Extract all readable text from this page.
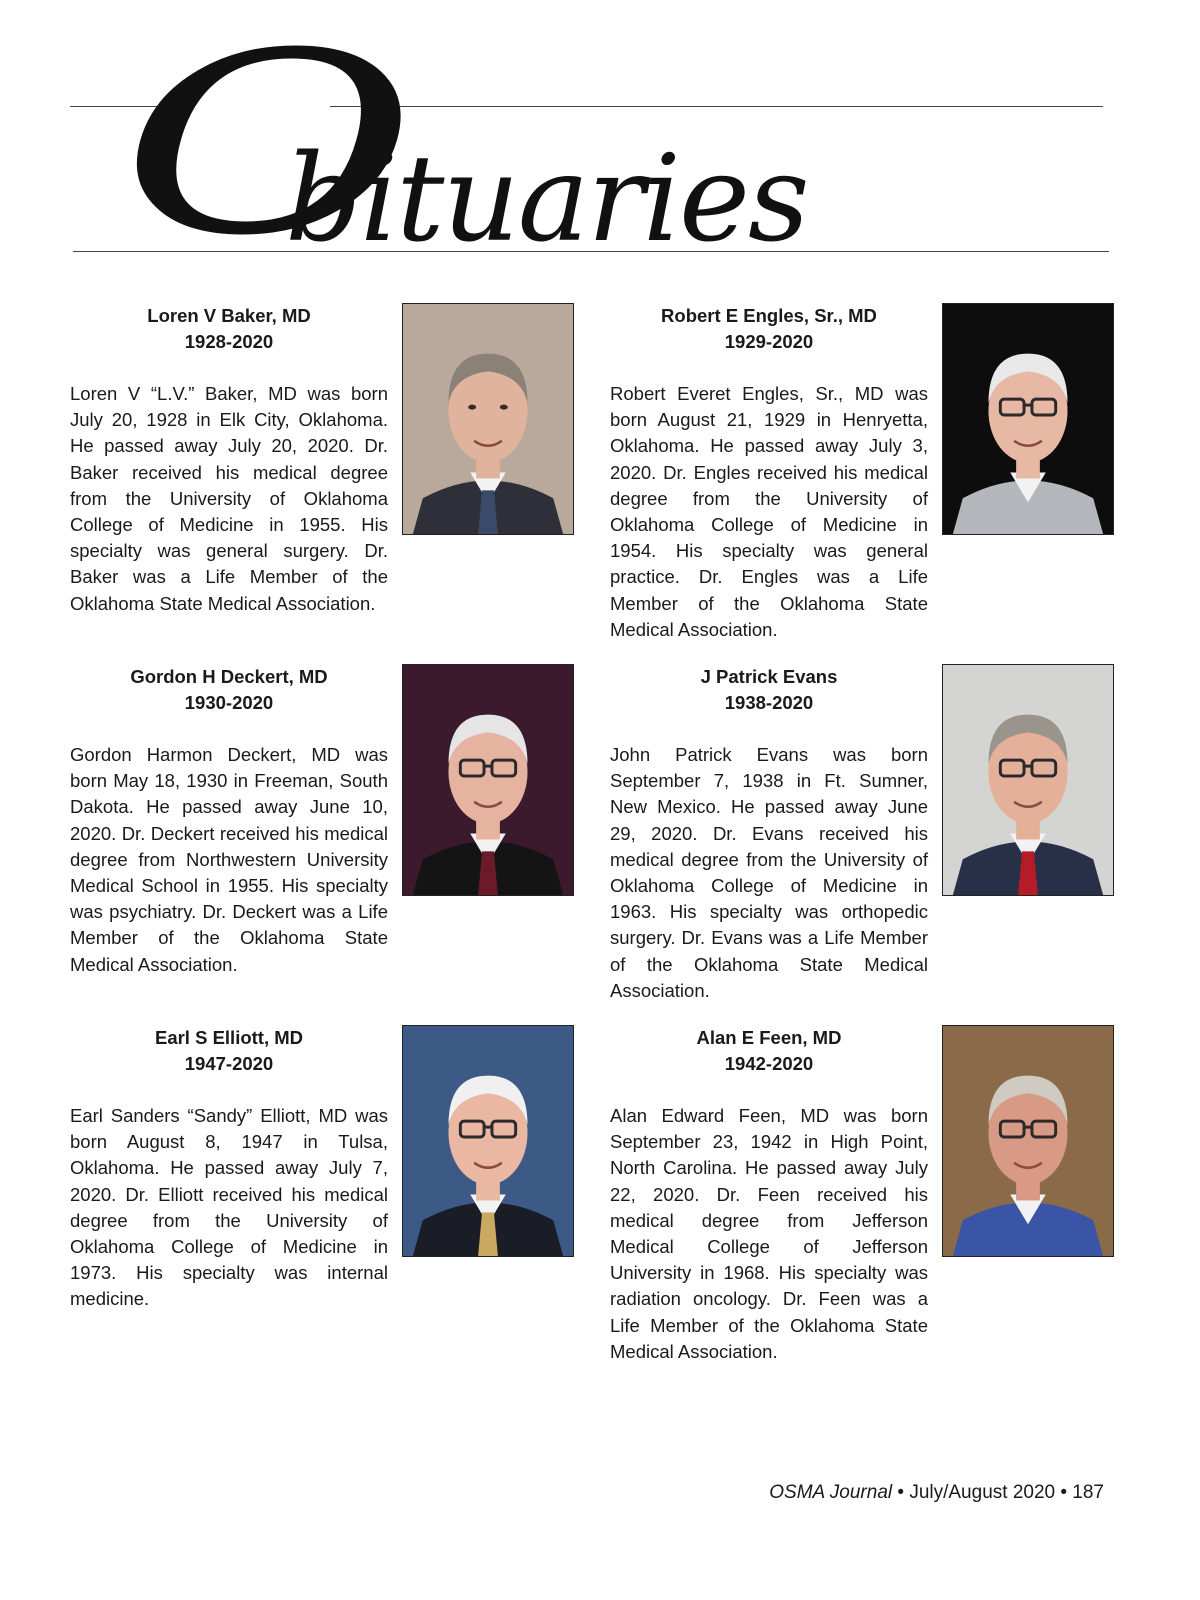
O
bituaries
Loren V Baker, MD
1928-2020
Loren V “L.V.” Baker, MD was born July 20, 1928 in Elk City, Oklahoma. He passed away July 20, 2020. Dr. Baker received his medical degree from the University of Oklahoma College of Medicine in 1955. His specialty was general surgery. Dr. Baker was a Life Member of the Oklahoma State Medical Association.
Robert E Engles, Sr., MD
1929-2020
Robert Everet Engles, Sr., MD was born August 21, 1929 in Henryetta, Oklahoma. He passed away July 3, 2020. Dr. Engles received his medical degree from the University of Oklahoma College of Medicine in 1954. His specialty was general practice. Dr. Engles was a Life Member of the Oklahoma State Medical Association.
Gordon H Deckert, MD
1930-2020
Gordon Harmon Deckert, MD was born May 18, 1930 in Freeman, South Dakota. He passed away June 10, 2020. Dr. Deckert received his medical degree from Northwestern University Medical School in 1955. His specialty was psychiatry. Dr. Deckert was a Life Member of the Oklahoma State Medical Association.
J Patrick Evans
1938-2020
John Patrick Evans was born September 7, 1938 in Ft. Sumner, New Mexico. He passed away June 29, 2020. Dr. Evans received his medical degree from the University of Oklahoma College of Medicine in 1963. His specialty was orthopedic surgery. Dr. Evans was a Life Member of the Oklahoma State Medical Association.
Earl S Elliott, MD
1947-2020
Earl Sanders “Sandy” Elliott, MD was born August 8, 1947 in Tulsa, Oklahoma. He passed away July 7, 2020. Dr. Elliott received his medical degree from the University of Oklahoma College of Medicine in 1973. His specialty was internal medicine.
Alan E Feen, MD
1942-2020
Alan Edward Feen, MD was born September 23, 1942 in High Point, North Carolina. He passed away July 22, 2020. Dr. Feen received his medical degree from Jefferson Medical College of Jefferson University in 1968. His specialty was radiation oncology. Dr. Feen was a Life Member of the Oklahoma State Medical Association.
OSMA Journal • July/August 2020 • 187
